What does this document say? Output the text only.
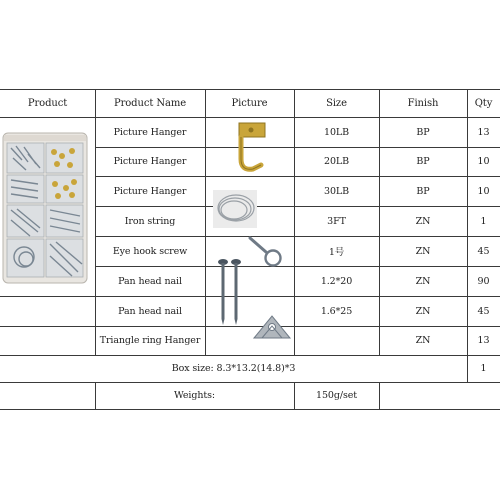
Product	Product Name	Picture	Size	Finish	Qty
Picture Hanger	10LB	BP	13
Picture Hanger	20LB	BP	10
Picture Hanger	30LB	BP	10
Iron string	3FT	ZN	1
Eye hook screw	1号	ZN	45
Pan head nail	1.2*20	ZN	90
Pan head nail	1.6*25	ZN	45
Triangle ring Hanger	ZN	13
Box size: 8.3*13.2(14.8)*3	1
Weights:	150g/set
